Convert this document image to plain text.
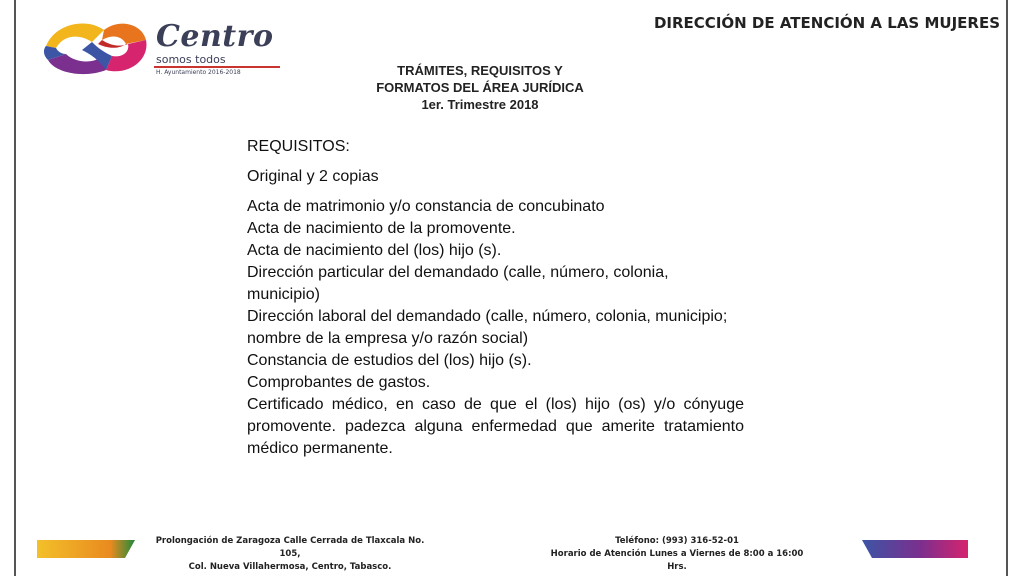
Centro
somos todos
H. Ayuntamiento 2016-2018
DIRECCIÓN DE ATENCIÓN A LAS MUJERES
TRÁMITES, REQUISITOS Y
FORMATOS DEL ÁREA JURÍDICA
1er. Trimestre 2018
REQUISITOS:
Original y 2 copias
Acta de matrimonio y/o constancia de concubinato
Acta de nacimiento de la promovente.
Acta de nacimiento del (los) hijo (s).
Dirección particular del demandado (calle, número, colonia, municipio)
Dirección laboral del demandado (calle, número, colonia, municipio; nombre de la empresa y/o razón social)
Constancia de estudios del (los) hijo (s).
Comprobantes de gastos.
Certificado médico, en caso de que el (los) hijo (os) y/o cónyuge promovente. padezca alguna enfermedad que amerite tratamiento médico permanente.
Prolongación de Zaragoza Calle Cerrada de Tlaxcala No. 105,
Col. Nueva Villahermosa, Centro, Tabasco.
Teléfono: (993) 316-52-01
Horario de Atención Lunes a Viernes de 8:00 a 16:00 Hrs.
